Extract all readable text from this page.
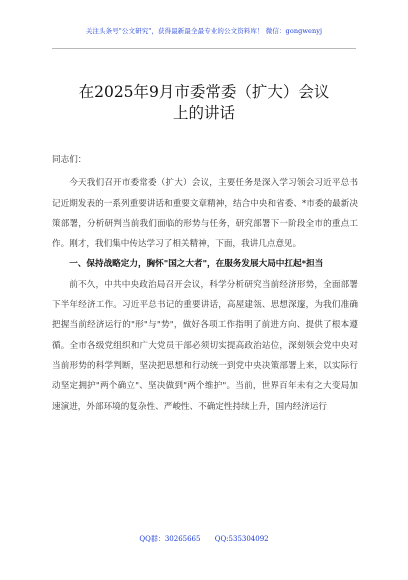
关注头条号"公文研究"，获得最新最全最专业的公文资料库！ 微信：gongwenyj
在2025年9月市委常委（扩大）会议
上的讲话

同志们：

今天我们召开市委常委（扩大）会议，主要任务是深入学习领会习近平总书记近期发表的一系列重要讲话和重要文章精神，结合中央和省委、*市委的最新决策部署，分析研判当前我们面临的形势与任务，研究部署下一阶段全市的重点工作。刚才，我们集中传达学习了相关精神，下面，我讲几点意见。

一、保持战略定力，胸怀"国之大者"，在服务发展大局中扛起*担当

前不久，中共中央政治局召开会议，科学分析研究当前经济形势，全面部署下半年经济工作。习近平总书记的重要讲话，高屋建瓴、思想深邃，为我们准确把握当前经济运行的"形"与"势"，做好各项工作指明了前进方向、提供了根本遵循。全市各级党组织和广大党员干部必须切实提高政治站位，深刻领会党中央对当前形势的科学判断，坚决把思想和行动统一到党中央决策部署上来，以实际行动坚定拥护"两个确立"、坚决做到"两个维护"。当前，世界百年未有之大变局加速演进，外部环境的复杂性、严峻性、不确定性持续上升，国内经济运行

QQ群：30265665 QQ:535304092
